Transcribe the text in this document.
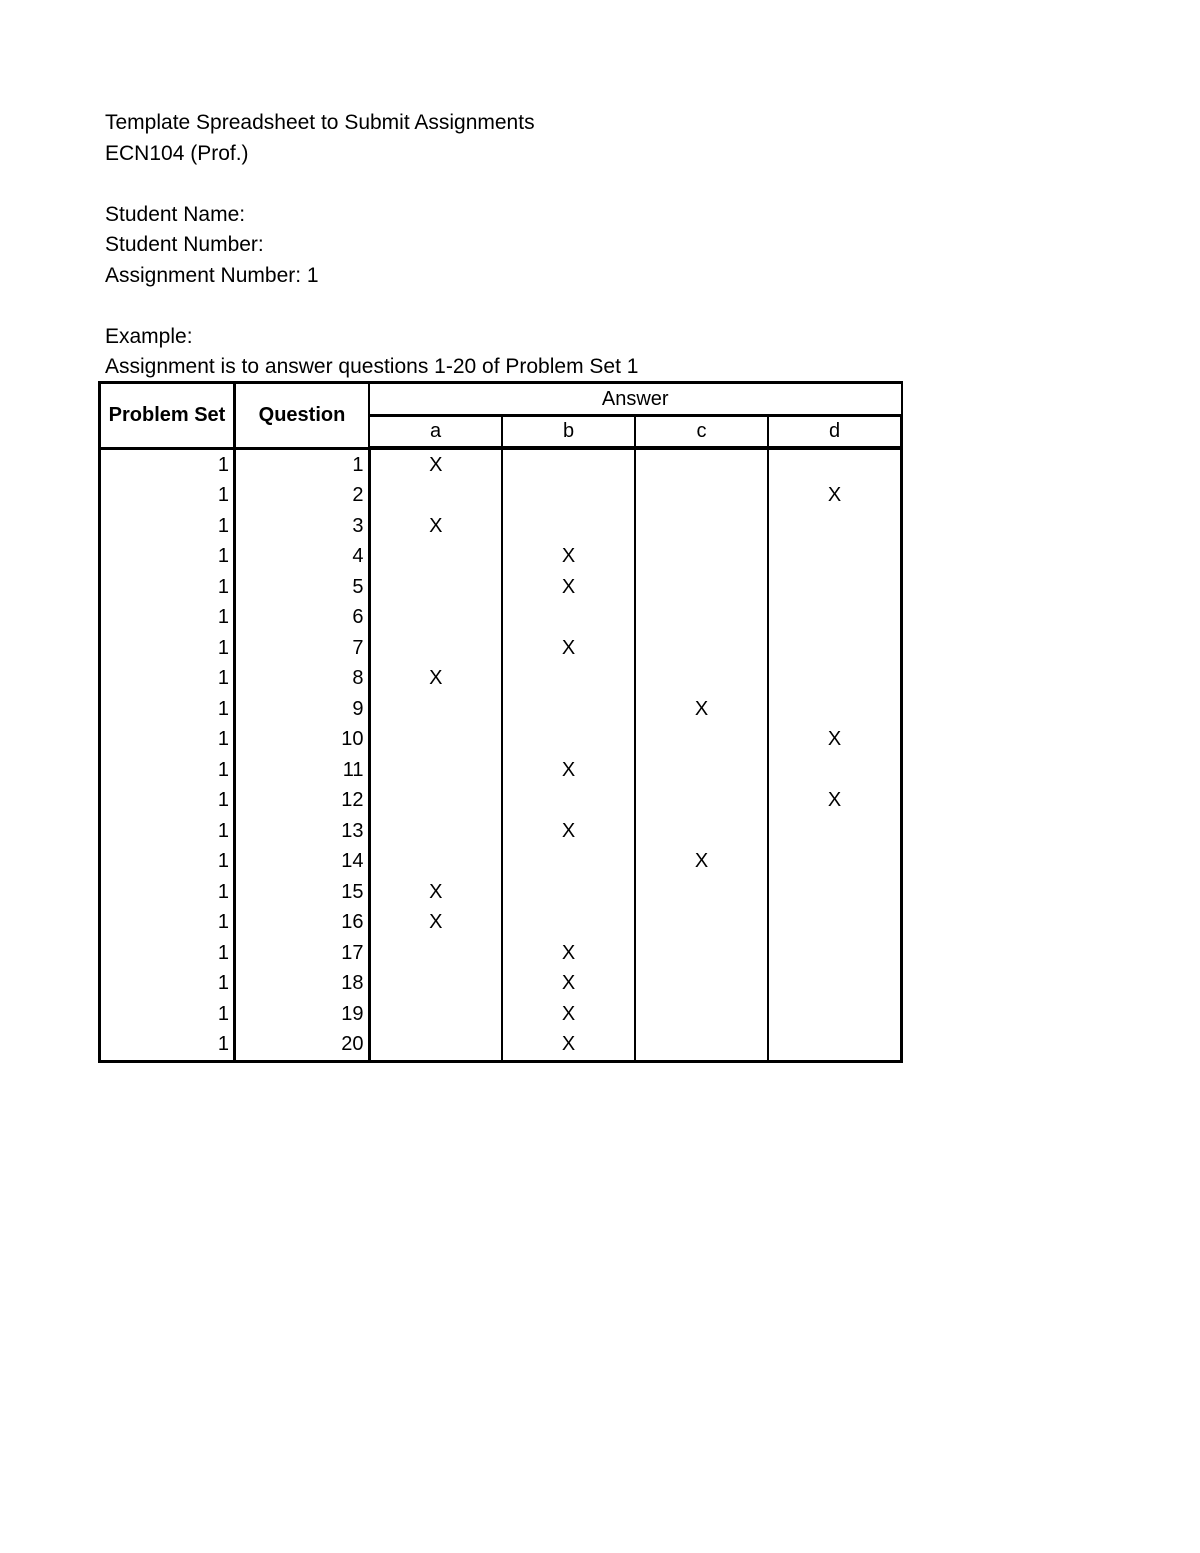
Template Spreadsheet to Submit Assignments
ECN104 (Prof.)
Student Name:
Student Number:
Assignment Number: 1
Example:
Assignment is to answer questions 1-20 of Problem Set 1
Problem Set	Question	Answer			
		a	b	c	d
1	1	X			
1	2				X
1	3	X			
1	4		X		
1	5		X		
1	6				
1	7		X		
1	8	X			
1	9			X	
1	10				X
1	11		X		
1	12				X
1	13		X		
1	14			X	
1	15	X			
1	16	X			
1	17		X		
1	18		X		
1	19		X		
1	20		X		
